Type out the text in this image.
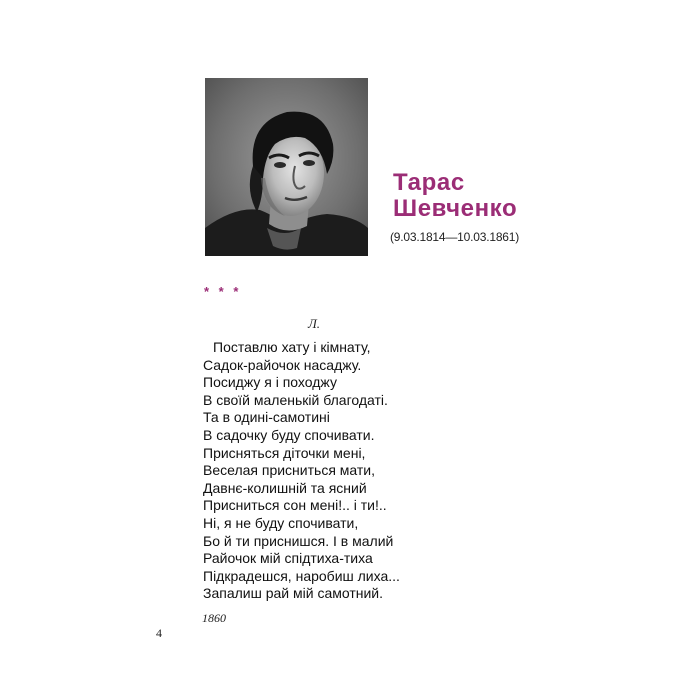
Тарас
Шевченко
(9.03.1814—10.03.1861)
* * *
Л.
Поставлю хату і кімнату,
Садок-райочок насаджу.
Посиджу я і походжу
В своїй маленькій благодаті.
Та в одині-самотині
В садочку буду спочивати.
Присняться діточки мені,
Веселая присниться мати,
Давнє-колишній та ясний
Присниться сон мені!.. і ти!..
Ні, я не буду спочивати,
Бо й ти приснишся. І в малий
Райочок мій спідтиха-тиха
Підкрадешся, наробиш лиха...
Запалиш рай мій самотний.
1860
4
